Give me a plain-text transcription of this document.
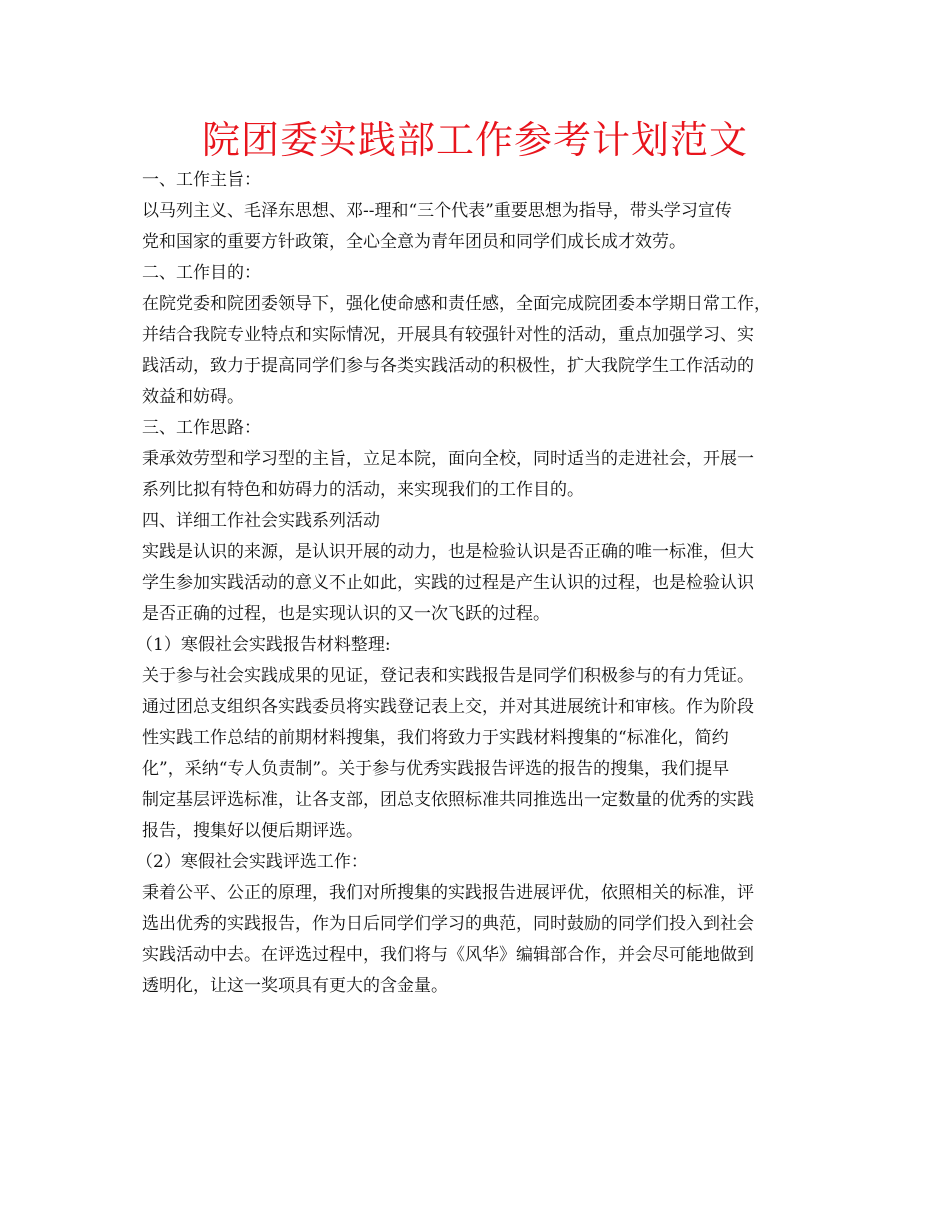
院团委实践部工作参考计划范文
一、工作主旨：
以马列主义、毛泽东思想、邓--理和“三个代表”重要思想为指导，带头学习宣传
党和国家的重要方针政策，全心全意为青年团员和同学们成长成才效劳。
二、工作目的：
在院党委和院团委领导下，强化使命感和责任感，全面完成院团委本学期日常工作，
并结合我院专业特点和实际情况，开展具有较强针对性的活动，重点加强学习、实
践活动，致力于提高同学们参与各类实践活动的积极性，扩大我院学生工作活动的
效益和妨碍。
三、工作思路：
秉承效劳型和学习型的主旨，立足本院，面向全校，同时适当的走进社会，开展一
系列比拟有特色和妨碍力的活动，来实现我们的工作目的。
四、详细工作社会实践系列活动
实践是认识的来源，是认识开展的动力，也是检验认识是否正确的唯一标准，但大
学生参加实践活动的意义不止如此，实践的过程是产生认识的过程，也是检验认识
是否正确的过程，也是实现认识的又一次飞跃的过程。
（1）寒假社会实践报告材料整理:
关于参与社会实践成果的见证，登记表和实践报告是同学们积极参与的有力凭证。
通过团总支组织各实践委员将实践登记表上交，并对其进展统计和审核。作为阶段
性实践工作总结的前期材料搜集，我们将致力于实践材料搜集的“标准化，简约
化”，采纳“专人负责制”。关于参与优秀实践报告评选的报告的搜集，我们提早
制定基层评选标准，让各支部，团总支依照标准共同推选出一定数量的优秀的实践
报告，搜集好以便后期评选。
（2）寒假社会实践评选工作：
秉着公平、公正的原理，我们对所搜集的实践报告进展评优，依照相关的标准，评
选出优秀的实践报告，作为日后同学们学习的典范，同时鼓励的同学们投入到社会
实践活动中去。在评选过程中，我们将与《风华》编辑部合作，并会尽可能地做到
透明化，让这一奖项具有更大的含金量。
